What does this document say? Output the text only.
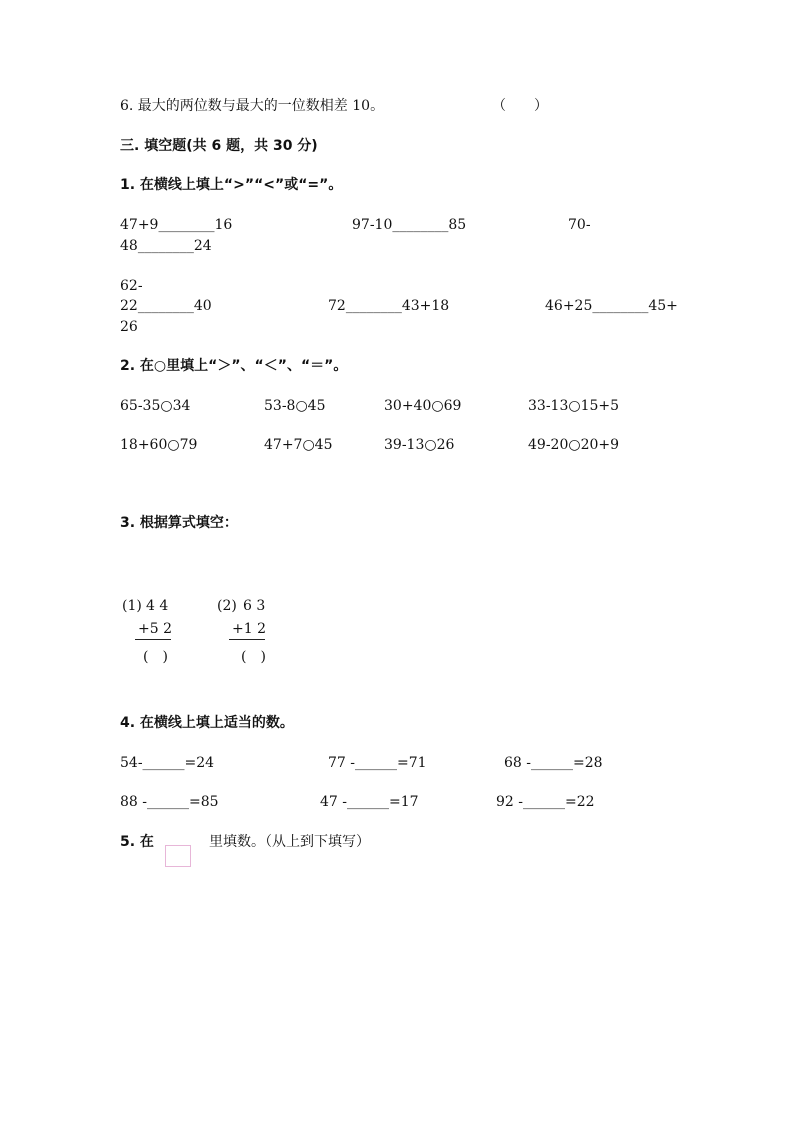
6. 最大的两位数与最大的一位数相差 10。	（　　）
三. 填空题(共 6 题，共 30 分)
1. 在横线上填上“>”“<”或“=”。
47+9________16	97-10________85	70-
48________24
62-
22________40	72________43+18	46+25________45+
26
2. 在○里填上“＞”、“＜”、“＝”。
65-35○34	53-8○45	30+40○69	33-13○15+5
18+60○79	47+7○45	39-13○26	49-20○20+9
3. 根据算式填空：
(1) 4 4
+5 2
(　)
(2) 6 3
+1 2
(　)
4. 在横线上填上适当的数。
54-______=24	77 -______=71	68 -______=28
88 -______=85	47 -______=17	92 -______=22
5. 在	里填数。（从上到下填写）
